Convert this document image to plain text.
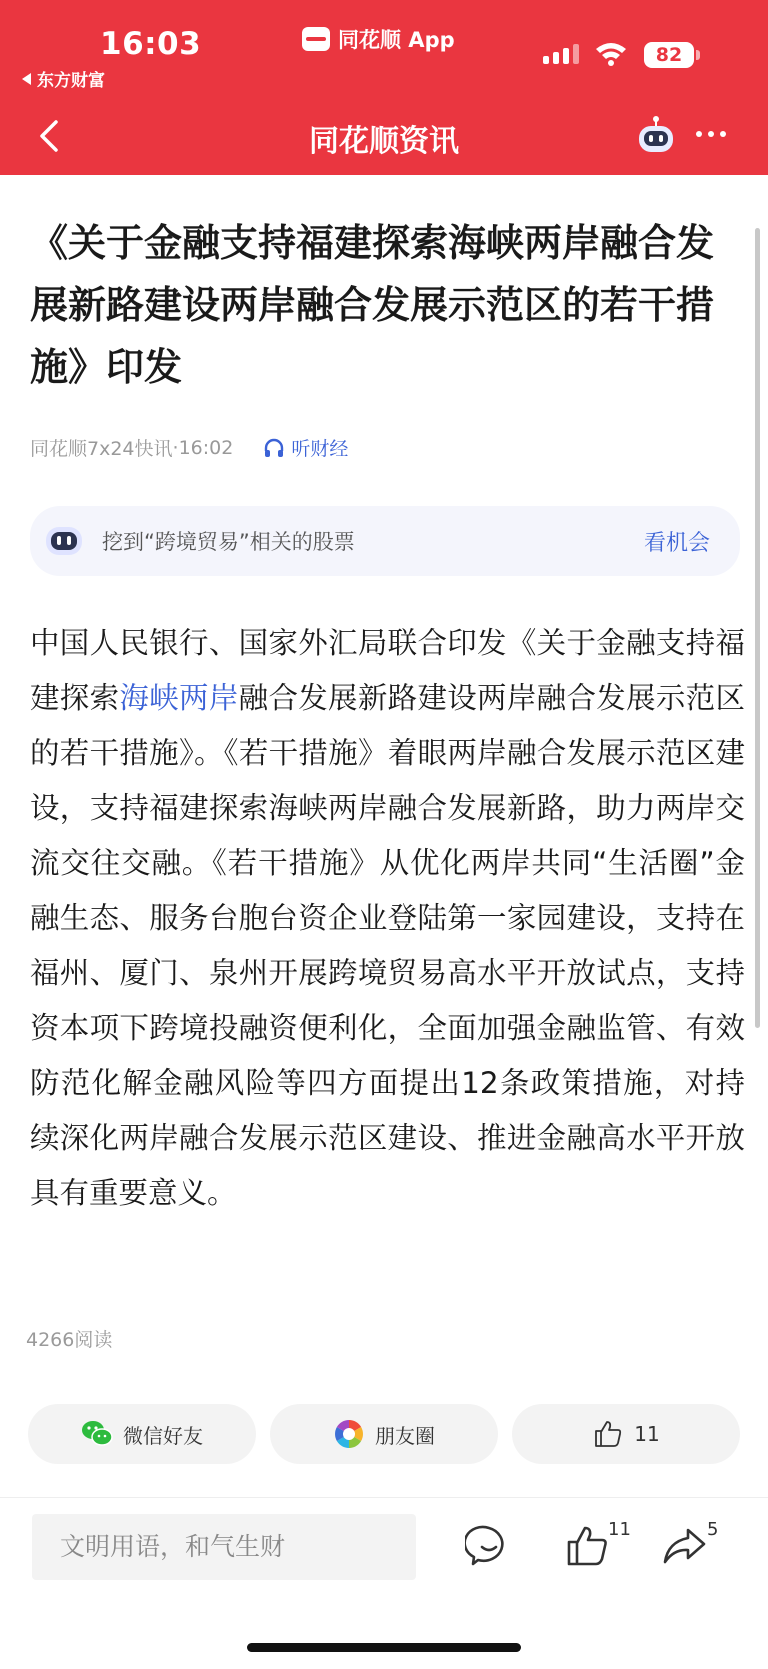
16:03
东方财富
同花顺 App
82
同花顺资讯
《关于金融支持福建探索海峡两岸融合发展新路建设两岸融合发展示范区的若干措施》印发
同花顺7x24快讯 · 16:02	听财经
挖到“跨境贸易”相关的股票	看机会

中国人民银行、国家外汇局联合印发《关于金融支持福建探索海峡两岸融合发展新路建设两岸融合发展示范区的若干措施》。《若干措施》着眼两岸融合发展示范区建设，支持福建探索海峡两岸融合发展新路，助力两岸交流交往交融。《若干措施》从优化两岸共同“生活圈”金融生态、服务台胞台资企业登陆第一家园建设，支持在福州、厦门、泉州开展跨境贸易高水平开放试点，支持资本项下跨境投融资便利化，全面加强金融监管、有效防范化解金融风险等四方面提出12条政策措施，对持续深化两岸融合发展示范区建设、推进金融高水平开放具有重要意义。

4266阅读
微信好友	朋友圈	11
文明用语，和气生财
11	5
